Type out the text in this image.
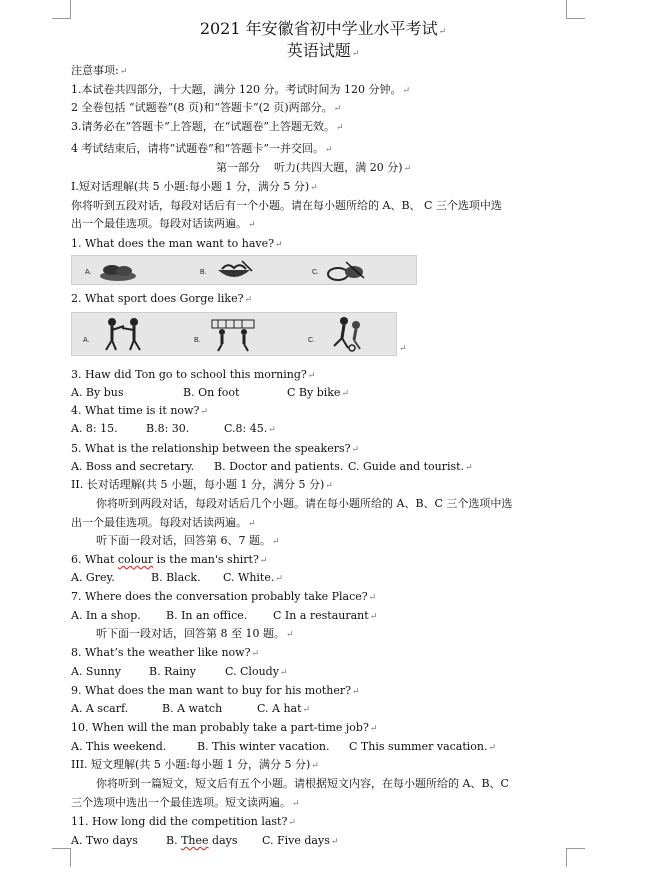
2021 年安徽省初中学业水平考试↵
英语试题↵
注意事项:↵
1.本试卷共四部分，十大题，满分 120 分。考试时间为 120 分钟。↵
2 全卷包括 “试题卷”(8 页)和“答题卡”(2 页)两部分。↵
3.请务必在“答题卡”上答题，在“试题卷”上答题无效。↵
4 考试结束后，请将“试题卷”和“答题卡”一并交回。↵
第一部分 听力(共四大题，满 20 分)↵
I.短对话理解(共 5 小题:每小题 1 分，满分 5 分)↵
你将听到五段对话，每段对话后有一个小题。请在每小题所给的 A、B、 C 三个选项中选
出一个最佳选项。每段对话读两遍。↵
1. What does the man want to have?↵
A.	B.	C.
2. What sport does Gorge like?↵
A.	B.	C.
↵
3. Haw did Ton go to school this morning?↵
A. By bus	B. On foot	C By bike↵
4. What time is it now?↵
A. 8: 15.	B.8: 30.	C.8: 45.↵
5. What is the relationship between the speakers?↵
A. Boss and secretary. B. Doctor and patients. C. Guide and tourist.↵
II. 长对话理解(共 5 小题，每小题 1 分，满分 5 分)↵
你将听到两段对话，每段对话后几个小题。请在每小题所给的 A、B、C 三个选项中选
出一个最佳选项。每段对话读两遍。↵
听下面一段对话，回答第 6、7 题。↵
6. What colour is the man's shirt?↵
A. Grey.	B. Black. C. White.↵
7. Where does the conversation probably take Place?↵
A. In a shop. B. In an office. C In a restaurant↵
听下面一段对话，回答第 8 至 10 题。↵
8. What’s the weather like now?↵
A. Sunny	B. Rainy	C. Cloudy↵
9. What does the man want to buy for his mother?↵
A. A scarf.	B. A watch	C. A hat↵
10. When will the man probably take a part-time job?↵
A. This weekend.	B. This winter vacation. C This summer vacation.↵
III. 短文理解(共 5 小题:每小题 1 分，满分 5 分)↵
你将听到一篇短文，短文后有五个小题。请根据短文内容，在每小题所给的 A、B、C
三个选项中选出一个最佳选项。短文读两遍。↵
11. How long did the competition last?↵
A. Two days	B. Thee days C. Five days↵
